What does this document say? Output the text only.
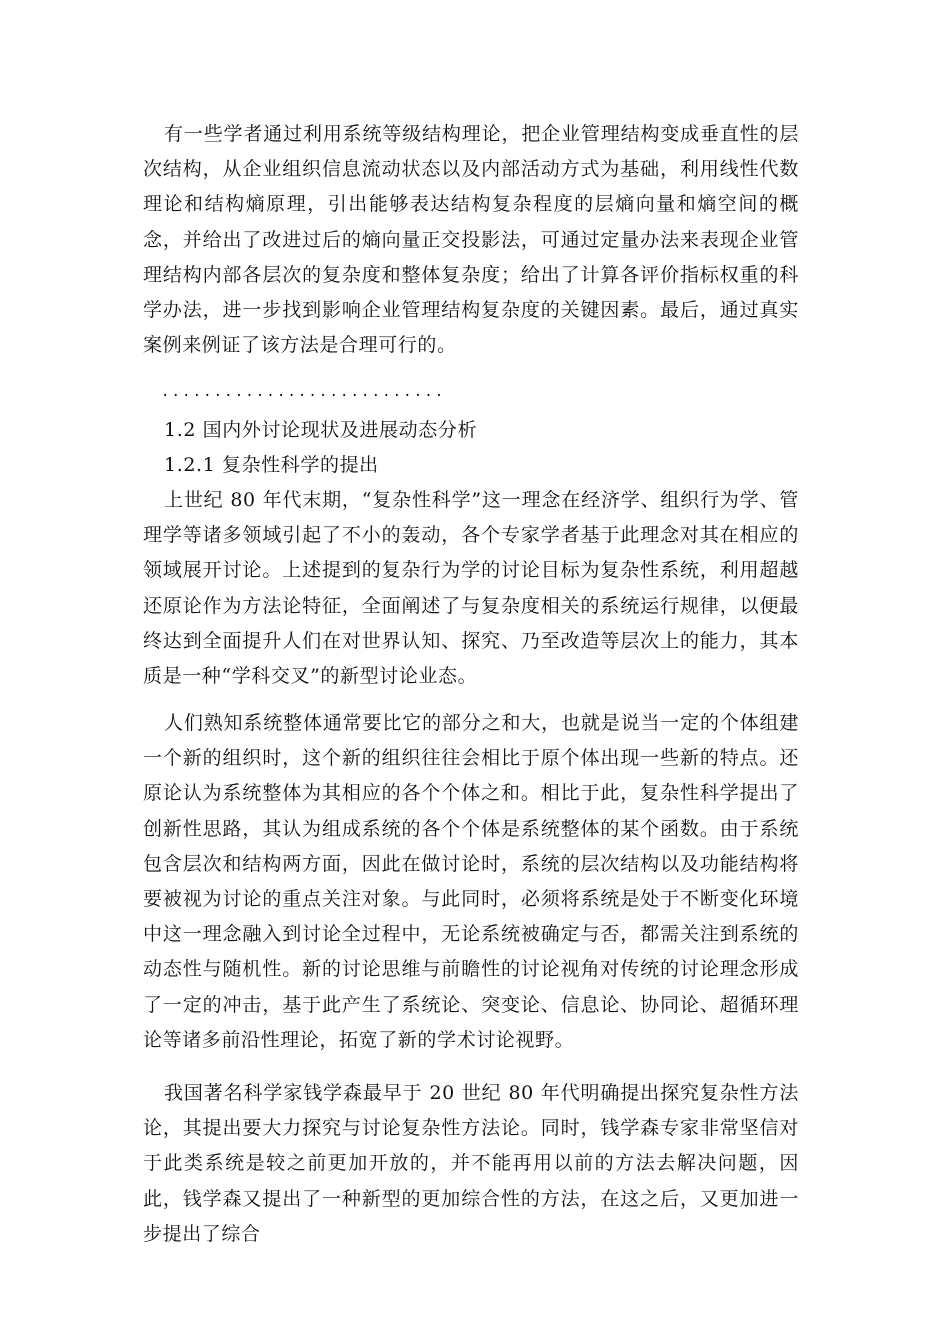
有一些学者通过利用系统等级结构理论，把企业管理结构变成垂直性的层次结构，从企业组织信息流动状态以及内部活动方式为基础，利用线性代数理论和结构熵原理，引出能够表达结构复杂程度的层熵向量和熵空间的概念，并给出了改进过后的熵向量正交投影法，可通过定量办法来表现企业管理结构内部各层次的复杂度和整体复杂度；给出了计算各评价指标权重的科学办法，进一步找到影响企业管理结构复杂度的关键因素。最后，通过真实案例来例证了该方法是合理可行的。

...........................
1.2 国内外讨论现状及进展动态分析
1.2.1 复杂性科学的提出

上世纪 80 年代末期，“复杂性科学”这一理念在经济学、组织行为学、管理学等诸多领域引起了不小的轰动，各个专家学者基于此理念对其在相应的领域展开讨论。上述提到的复杂行为学的讨论目标为复杂性系统，利用超越还原论作为方法论特征，全面阐述了与复杂度相关的系统运行规律，以便最终达到全面提升人们在对世界认知、探究、乃至改造等层次上的能力，其本质是一种“学科交叉”的新型讨论业态。

人们熟知系统整体通常要比它的部分之和大，也就是说当一定的个体组建一个新的组织时，这个新的组织往往会相比于原个体出现一些新的特点。还原论认为系统整体为其相应的各个个体之和。相比于此，复杂性科学提出了创新性思路，其认为组成系统的各个个体是系统整体的某个函数。由于系统包含层次和结构两方面，因此在做讨论时，系统的层次结构以及功能结构将要被视为讨论的重点关注对象。与此同时，必须将系统是处于不断变化环境中这一理念融入到讨论全过程中，无论系统被确定与否，都需关注到系统的动态性与随机性。新的讨论思维与前瞻性的讨论视角对传统的讨论理念形成了一定的冲击，基于此产生了系统论、突变论、信息论、协同论、超循环理论等诸多前沿性理论，拓宽了新的学术讨论视野。

我国著名科学家钱学森最早于 20 世纪 80 年代明确提出探究复杂性方法论，其提出要大力探究与讨论复杂性方法论。同时，钱学森专家非常坚信对于此类系统是较之前更加开放的，并不能再用以前的方法去解决问题，因此，钱学森又提出了一种新型的更加综合性的方法，在这之后，又更加进一步提出了综合
